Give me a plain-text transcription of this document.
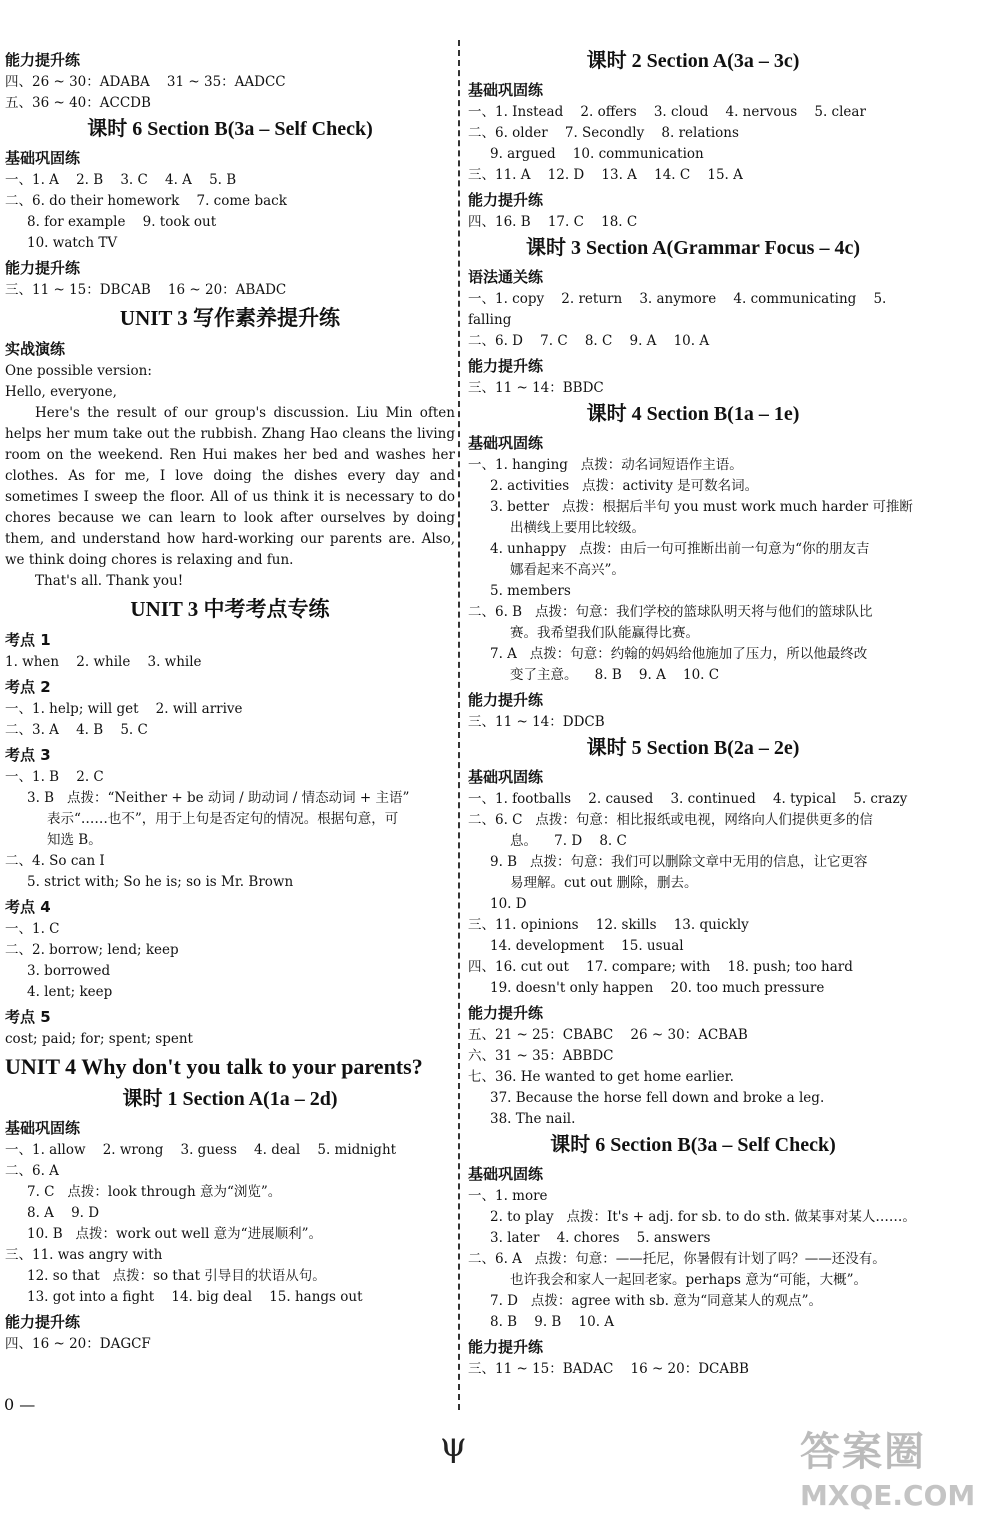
能力提升练
四、26 ~ 30：ADABA    31 ~ 35：AADCC
五、36 ~ 40：ACCDB
课时 6 Section B(3a – Self Check)
基础巩固练
一、1. A    2. B    3. C    4. A    5. B
二、6. do their homework    7. come back
8. for example    9. took out
10. watch TV
能力提升练
三、11 ~ 15：DBCAB    16 ~ 20：ABADC
UNIT 3 写作素养提升练
实战演练
One possible version:
Hello, everyone,
Here's the result of our group's discussion. Liu Min often helps her mum take out the rubbish. Zhang Hao cleans the living room on the weekend. Ren Hui makes her bed and washes her clothes. As for me, I love doing the dishes every day and sometimes I sweep the floor. All of us think it is necessary to do chores because we can learn to look after ourselves by doing them, and understand how hard-working our parents are. Also, we think doing chores is relaxing and fun.
That's all. Thank you!
UNIT 3 中考考点专练
考点 1
1. when    2. while    3. while
考点 2
一、1. help; will get    2. will arrive
二、3. A    4. B    5. C
考点 3
一、1. B    2. C
3. B   点拨：“Neither + be 动词 / 助动词 / 情态动词 + 主语”
表示“……也不”，用于上句是否定句的情况。根据句意，可
知选 B。
二、4. So can I
5. strict with; So he is; so is Mr. Brown
考点 4
一、1. C
二、2. borrow; lend; keep
3. borrowed
4. lent; keep
考点 5
cost; paid; for; spent; spent
UNIT 4 Why don't you talk to your parents?
课时 1 Section A(1a – 2d)
基础巩固练
一、1. allow    2. wrong    3. guess    4. deal    5. midnight
二、6. A
7. C   点拨：look through 意为“浏览”。
8. A    9. D
10. B   点拨：work out well 意为“进展顺利”。
三、11. was angry with
12. so that   点拨：so that 引导目的状语从句。
13. got into a fight    14. big deal    15. hangs out
能力提升练
四、16 ~ 20：DAGCF
课时 2 Section A(3a – 3c)
基础巩固练
一、1. Instead    2. offers    3. cloud    4. nervous    5. clear
二、6. older    7. Secondly    8. relations
9. argued    10. communication
三、11. A    12. D    13. A    14. C    15. A
能力提升练
四、16. B    17. C    18. C
课时 3 Section A(Grammar Focus – 4c)
语法通关练
一、1. copy    2. return    3. anymore    4. communicating    5. falling
二、6. D    7. C    8. C    9. A    10. A
能力提升练
三、11 ~ 14：BBDC
课时 4 Section B(1a – 1e)
基础巩固练
一、1. hanging   点拨：动名词短语作主语。
2. activities   点拨：activity 是可数名词。
3. better   点拨：根据后半句 you must work much harder 可推断
出横线上要用比较级。
4. unhappy   点拨：由后一句可推断出前一句意为“你的朋友吉
娜看起来不高兴”。
5. members
二、6. B   点拨：句意：我们学校的篮球队明天将与他们的篮球队比
赛。我希望我们队能赢得比赛。
7. A   点拨：句意：约翰的妈妈给他施加了压力，所以他最终改
变了主意。    8. B    9. A    10. C
能力提升练
三、11 ~ 14：DDCB
课时 5 Section B(2a – 2e)
基础巩固练
一、1. footballs    2. caused    3. continued    4. typical    5. crazy
二、6. C   点拨：句意：相比报纸或电视，网络向人们提供更多的信
息。    7. D    8. C
9. B   点拨：句意：我们可以删除文章中无用的信息，让它更容
易理解。cut out 删除，删去。
10. D
三、11. opinions    12. skills    13. quickly
14. development    15. usual
四、16. cut out    17. compare; with    18. push; too hard
19. doesn't only happen    20. too much pressure
能力提升练
五、21 ~ 25：CBABC    26 ~ 30：ACBAB
六、31 ~ 35：ABBDC
七、36. He wanted to get home earlier.
37. Because the horse fell down and broke a leg.
38. The nail.
课时 6 Section B(3a – Self Check)
基础巩固练
一、1. more
2. to play   点拨：It's + adj. for sb. to do sth. 做某事对某人……。
3. later    4. chores    5. answers
二、6. A   点拨：句意：——托尼，你暑假有计划了吗？——还没有。
也许我会和家人一起回老家。perhaps 意为“可能，大概”。
7. D   点拨：agree with sb. 意为“同意某人的观点”。
8. B    9. B    10. A
能力提升练
三、11 ~ 15：BADAC    16 ~ 20：DCABB
0 —
ψ	答案圈
MXQE.COM
